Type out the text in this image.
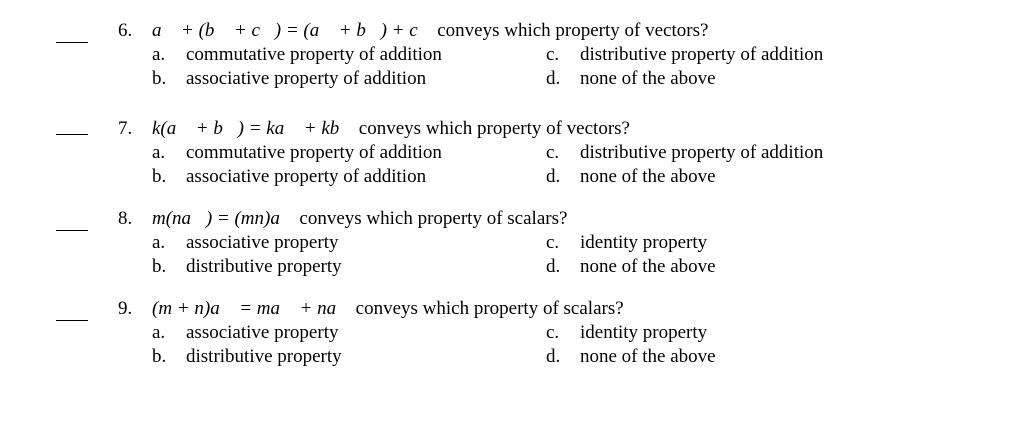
6. a⃗ + (b⃗ + c⃗) = (a⃗ + b⃗) + c⃗ conveys which property of vectors?
a. commutative property of addition
b. associative property of addition
c. distributive property of addition
d. none of the above
7. k(a⃗ + b⃗) = ka⃗ + kb⃗ conveys which property of vectors?
a. commutative property of addition
b. associative property of addition
c. distributive property of addition
d. none of the above
8. m(na⃗) = (mn)a⃗ conveys which property of scalars?
a. associative property
b. distributive property
c. identity property
d. none of the above
9. (m + n)a⃗ = ma⃗ + na⃗ conveys which property of scalars?
a. associative property
b. distributive property
c. identity property
d. none of the above
